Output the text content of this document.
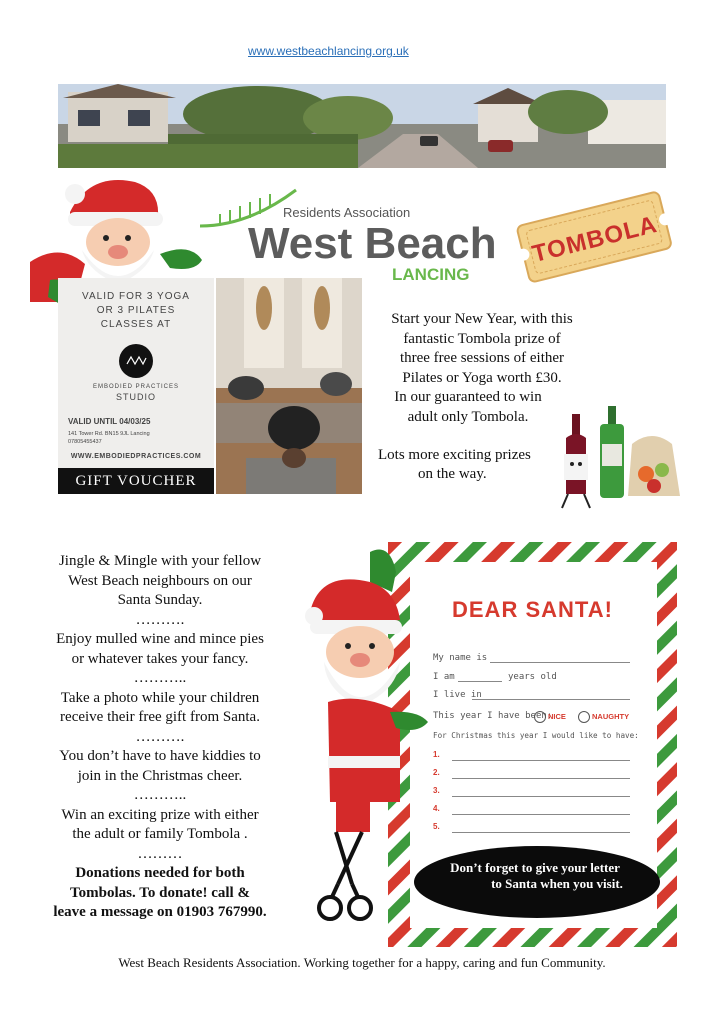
www.westbeachlancing.org.uk
Residents Association
West Beach
LANCING
TOMBOLA
VALID FOR 3 YOGA
OR 3 PILATES
CLASSES AT
EMBODIED PRACTICES
STUDIO
VALID UNTIL 04/03/25
141 Tower Rd. BN15 9JL Lancing
07805455437
WWW.EMBODIEDPRACTICES.COM
GIFT VOUCHER
Start your New Year, with this
fantastic Tombola prize of
three free sessions of either
Pilates or Yoga worth £30.
In our guaranteed to win
adult only Tombola.
Lots more exciting prizes
on the way.
Jingle & Mingle with your fellow
West Beach neighbours on our
Santa Sunday.
……….
Enjoy mulled wine and mince pies
or whatever takes your fancy.
………..
Take a photo while your children
receive their free gift from Santa.
……….
You don’t have to have kiddies to
join in the Christmas cheer.
………..
Win an exciting prize with either
the adult or family Tombola .
………
Donations needed for both
Tombolas. To donate! call &
leave a message on 01903 767990.
DEAR SANTA!
My name is
I am	years old
I live in
This year I have been:
NICE	NAUGHTY
For Christmas this year I would like to have:
1.
2.
3.
4.
5.
Don’t forget to give your letter
to Santa when you visit.
West Beach Residents Association. Working together for a happy, caring and fun Community.
